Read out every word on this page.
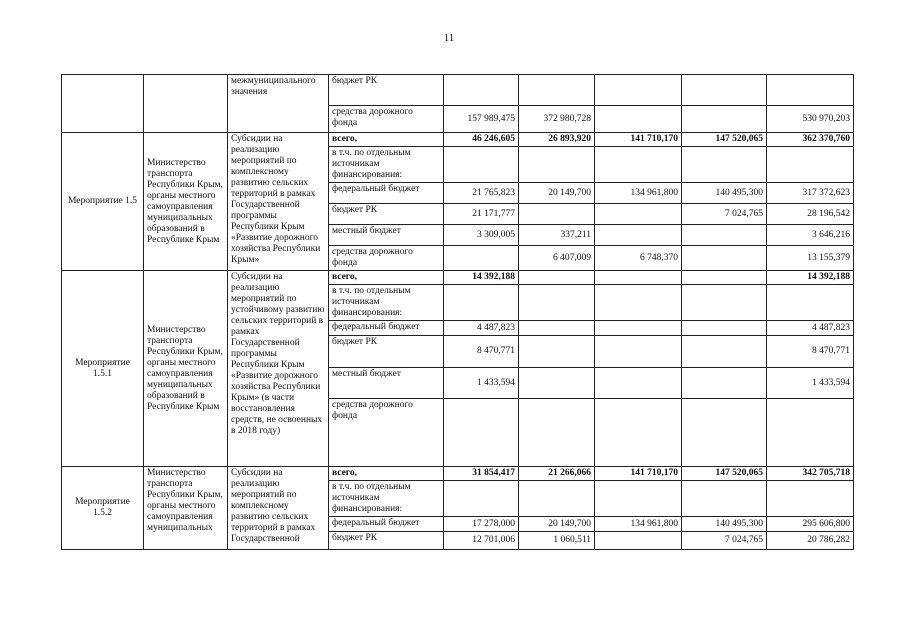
11
		межмуниципального значения	бюджет РК					
			средства дорожного фонда	157 989,475	372 980,728			530 970,203
Мероприятие 1.5	Министерство транспорта Республики Крым, органы местного самоуправления муниципальных образований в Республике Крым	Субсидии на реализацию мероприятий по комплексному развитию сельских территорий в рамках Государственной программы Республики Крым «Развитие дорожного хозяйства Республики Крым»	всего,	46 246,605	26 893,920	141 710,170	147 520,065	362 370,760
			в т.ч. по отдельным источникам финансирования:					
			федеральный бюджет	21 765,823	20 149,700	134 961,800	140 495,300	317 372,623
			бюджет РК	21 171,777			7 024,765	28 196,542
			местный бюджет	3 309,005	337,211			3 646,216
			средства дорожного фонда		6 407,009	6 748,370		13 155,379
Мероприятие 1.5.1	Министерство транспорта Республики Крым, органы местного самоуправления муниципальных образований в Республике Крым	Субсидии на реализацию мероприятий по устойчивому развитию сельских территорий в рамках Государственной программы Республики Крым «Развитие дорожного хозяйства Республики Крым» (в части восстановления средств, не освоенных в 2018 году)	всего,	14 392,188				14 392,188
			в т.ч. по отдельным источникам финансирования:					
			федеральный бюджет	4 487,823				4 487,823
			бюджет РК	8 470,771				8 470,771
			местный бюджет	1 433,594				1 433,594
			средства дорожного фонда					
Мероприятие 1.5.2	Министерство транспорта Республики Крым, органы местного самоуправления муниципальных	Субсидии на реализацию мероприятий по комплексному развитию сельских территорий в рамках Государственной	всего,	31 854,417	21 266,066	141 710,170	147 520,065	342 705,718
			в т.ч. по отдельным источникам финансирования:					
			федеральный бюджет	17 278,000	20 149,700	134 961,800	140 495,300	295 606,800
			бюджет РК	12 701,006	1 060,511		7 024,765	20 786,282
